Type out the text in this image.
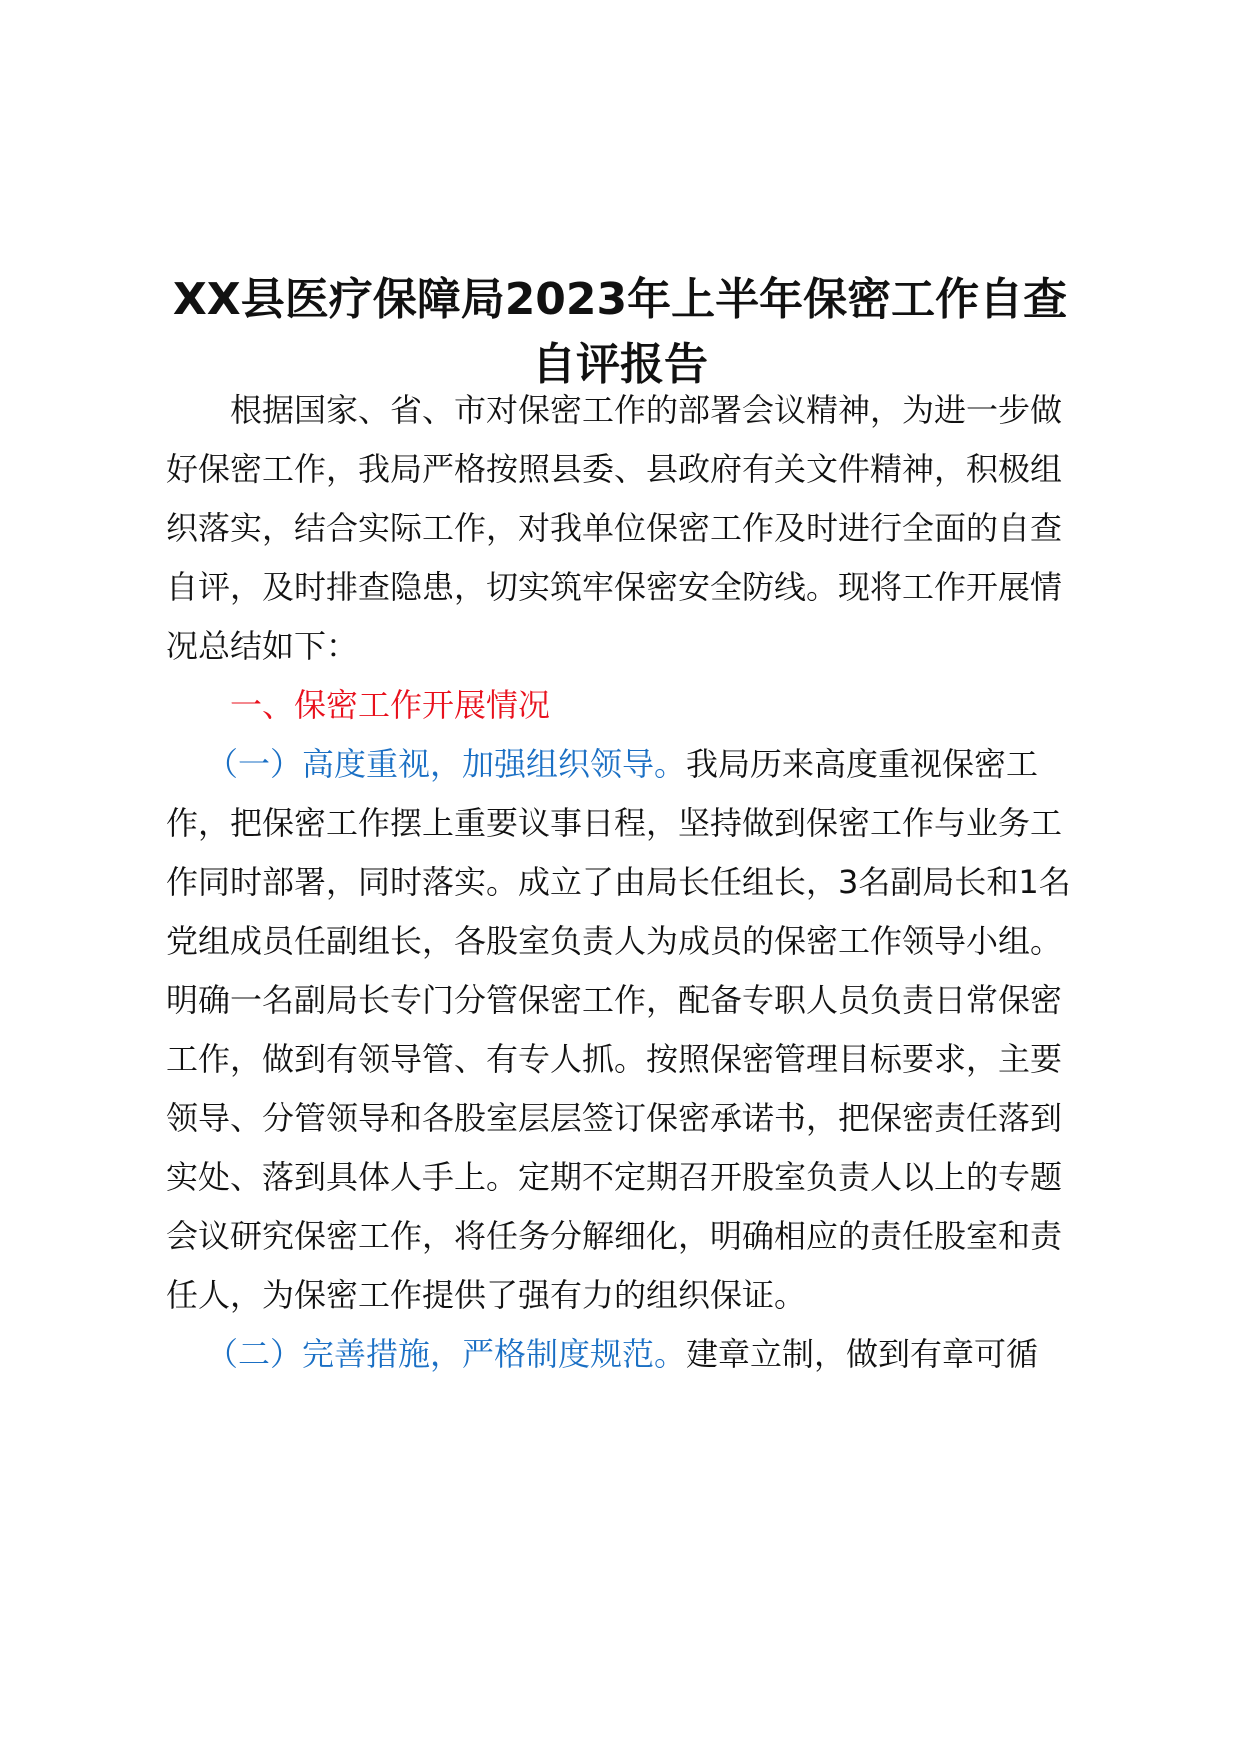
XX县医疗保障局2023年上半年保密工作自查
自评报告
根据国家、省、市对保密工作的部署会议精神，为进一步做
好保密工作，我局严格按照县委、县政府有关文件精神，积极组
织落实，结合实际工作，对我单位保密工作及时进行全面的自查
自评，及时排查隐患，切实筑牢保密安全防线。现将工作开展情
况总结如下：
一、保密工作开展情况
（一）高度重视，加强组织领导。我局历来高度重视保密工
作，把保密工作摆上重要议事日程，坚持做到保密工作与业务工
作同时部署，同时落实。成立了由局长任组长，3名副局长和1名
党组成员任副组长，各股室负责人为成员的保密工作领导小组。
明确一名副局长专门分管保密工作，配备专职人员负责日常保密
工作，做到有领导管、有专人抓。按照保密管理目标要求，主要
领导、分管领导和各股室层层签订保密承诺书，把保密责任落到
实处、落到具体人手上。定期不定期召开股室负责人以上的专题
会议研究保密工作，将任务分解细化，明确相应的责任股室和责
任人，为保密工作提供了强有力的组织保证。
（二）完善措施，严格制度规范。建章立制，做到有章可循
